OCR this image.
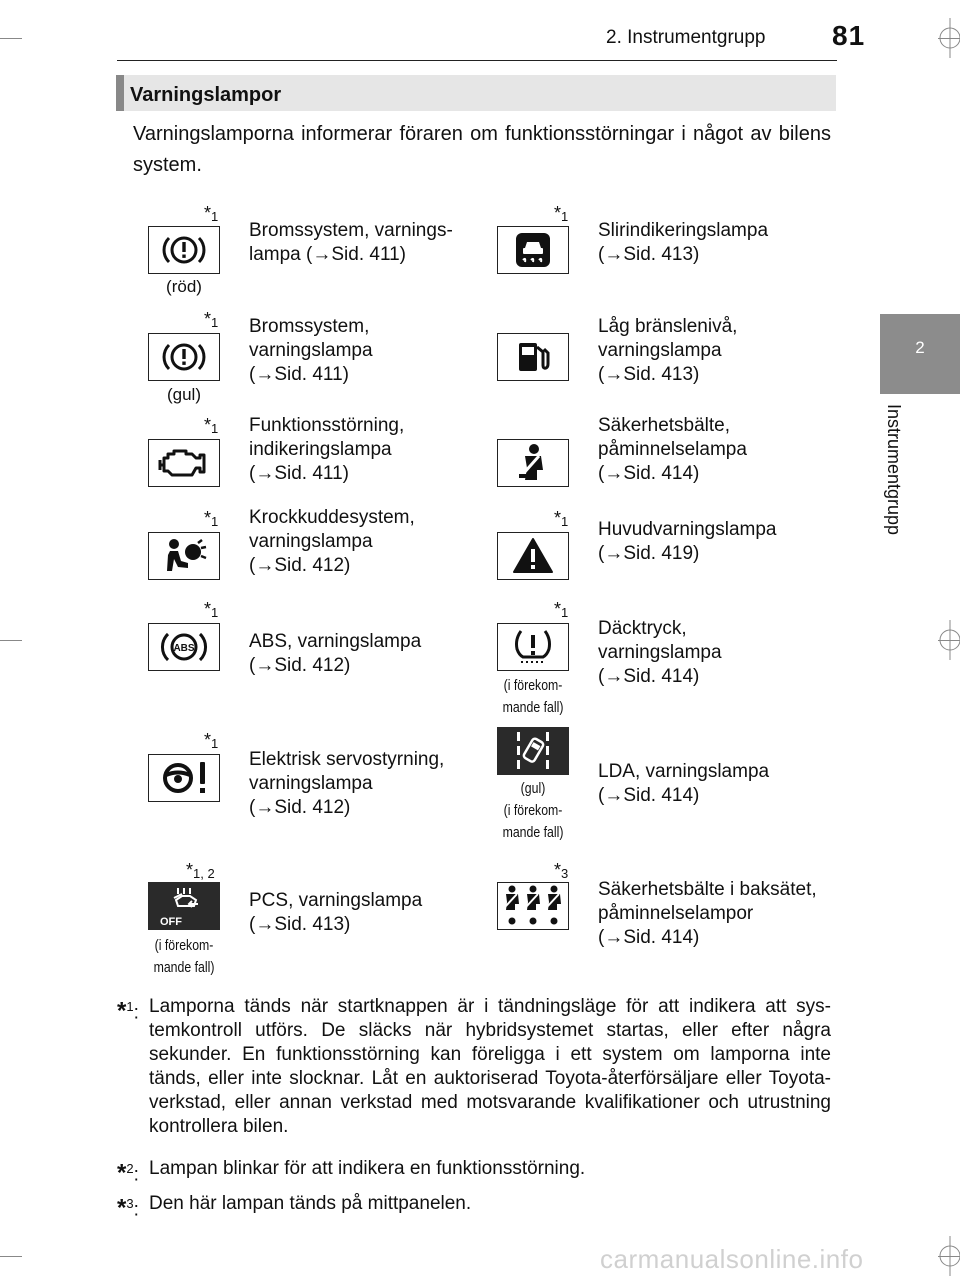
2. Instrumentgrupp 81
Varningslampor
Varningslamporna informerar föraren om funktionsstörningar i något av bilens system.
2
Instrumentgrupp
$*_1$
(röd)
Bromssystem, varnings-
lampa (→Sid. 411)
$*_1$
(gul)
Bromssystem,
varningslampa
(→Sid. 411)
$*_1$ Funktionsstörning,
indikeringslampa
(→Sid. 411)
$*_1$ Krockkuddesystem,
varningslampa
(→Sid. 412)
$*_1$
ABS	ABS, varningslampa
(→Sid. 412)
$*_1$
Elektrisk servostyrning,
varningslampa
(→Sid. 412)
$*_{1, 2}$
OFF
(i förekom-
mande fall)
PCS, varningslampa
(→Sid. 413)
$*_1$
Slirindikeringslampa
(→Sid. 413)
Låg bränslenivå,
varningslampa
(→Sid. 413)
Säkerhetsbälte,
påminnelselampa
(→Sid. 414)
$*_1$ Huvudvarningslampa
(→Sid. 419)
$*_1$
(i förekom-
mande fall)
Däcktryck,
varningslampa
(→Sid. 414)
(gul)
(i förekom-
mande fall)
LDA, varningslampa
(→Sid. 414)
$*_3$
Säkerhetsbälte i baksätet,
påminnelselampor
(→Sid. 414)
*$^1$: Lamporna tänds när startknappen är i tändningsläge för att indikera att sys- temkontroll utförs. De släcks när hybridsystemet startas, eller efter några sekunder. En funktionsstörning kan föreligga i ett system om lamporna inte tänds, eller inte slocknar. Låt en auktoriserad Toyota-återförsäljare eller Toyota-verkstad, eller annan verkstad med motsvarande kvalifikationer och utrustning kontrollera bilen.
*$^2$: Lampan blinkar för att indikera en funktionsstörning.
*$^3$: Den här lampan tänds på mittpanelen.
carmanualsonline.info
